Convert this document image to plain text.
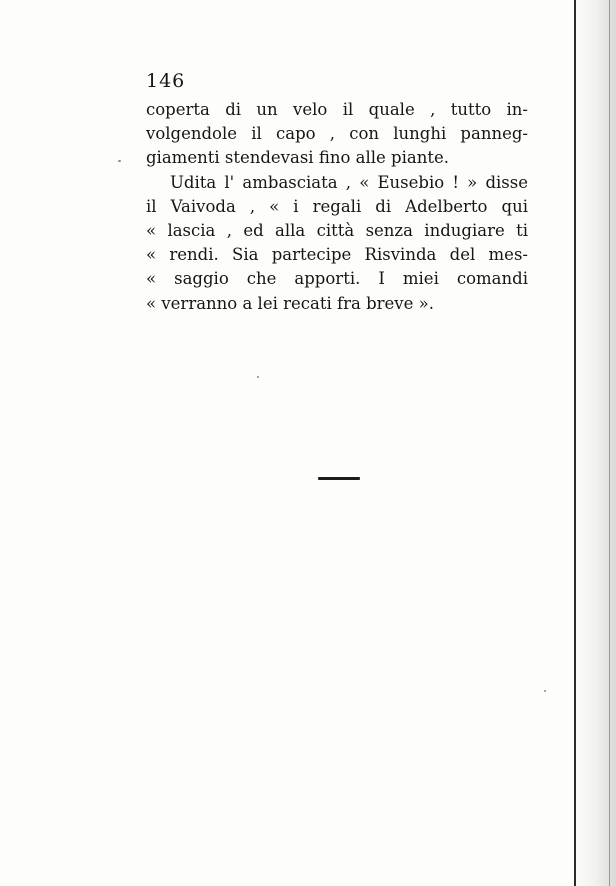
146
coperta di un velo il quale , tutto in-
volgendole il capo , con lunghi panneg-
giamenti stendevasi fino alle piante.
Udita l' ambasciata , « Eusebio ! » disse
il Vaivoda , « i regali di Adelberto qui
« lascia , ed alla città senza indugiare ti
« rendi. Sia partecipe Risvinda del mes-
« saggio che apporti. I miei comandi
« verranno a lei recati fra breve ».
